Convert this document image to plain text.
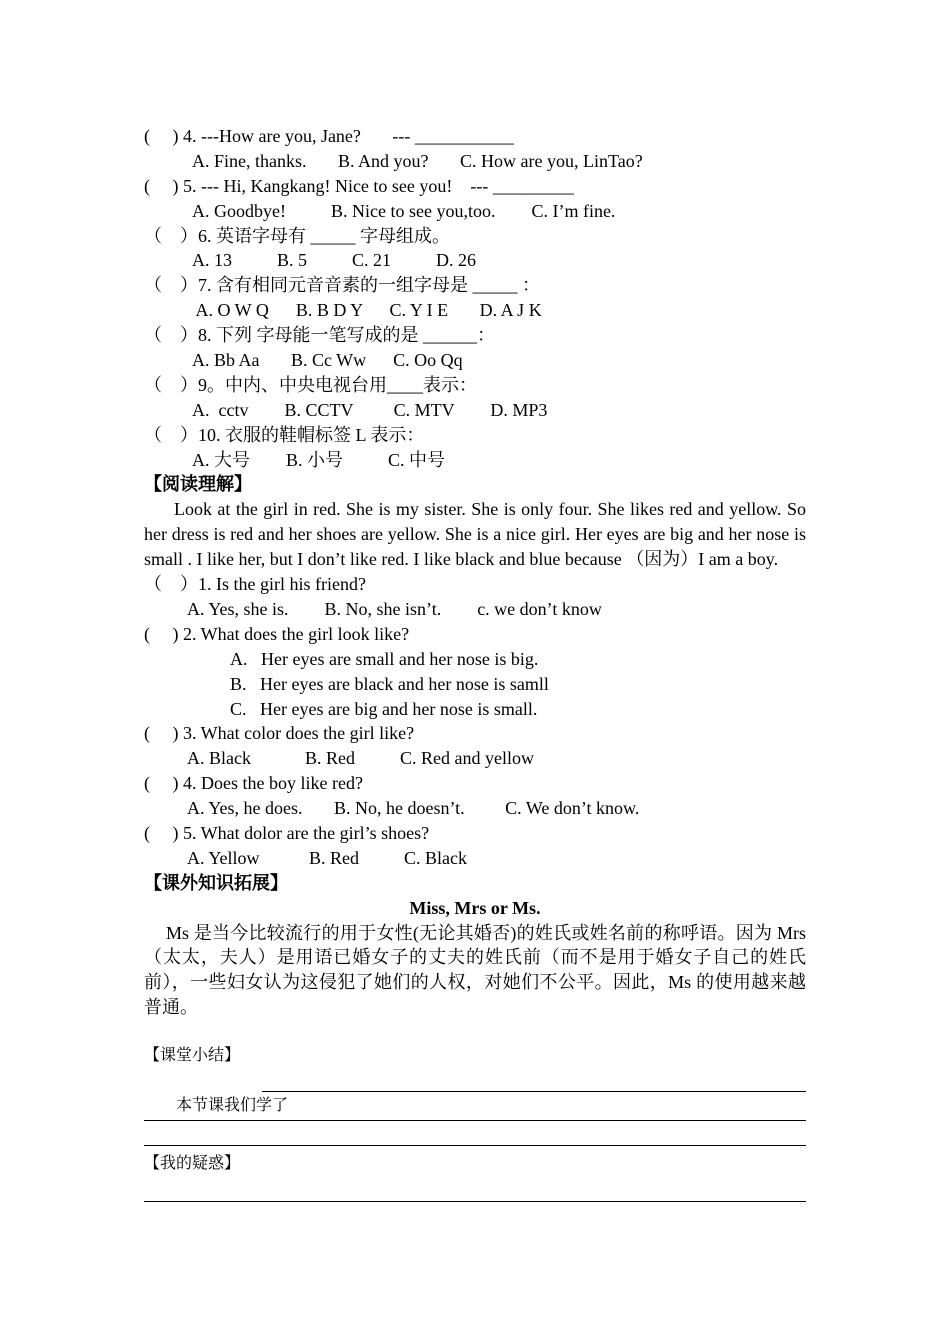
(     ) 4. ---How are you, Jane?       --- ___________
A. Fine, thanks.       B. And you?       C. How are you, LinTao?
(     ) 5. --- Hi, Kangkang! Nice to see you!    --- _________
A. Goodbye!          B. Nice to see you,too.        C. I’m fine.
（    ）6. 英语字母有 _____ 字母组成。
A. 13          B. 5          C. 21          D. 26
（    ）7. 含有相同元音音素的一组字母是 _____ ：
A. O W Q      B. B D Y      C. Y I E       D. A J K
（    ）8. 下列 字母能一笔写成的是 ______：
A. Bb Aa       B. Cc Ww      C. Oo Qq
（    ）9。中内、中央电视台用____表示：
A.  cctv        B. CCTV         C. MTV        D. MP3
（    ）10. 衣服的鞋帽标签 L 表示：
A. 大号        B. 小号          C. 中号
【阅读理解】
Look at the girl in red. She is my sister. She is only four. She likes red and yellow. So her dress is red and her shoes are yellow. She is a nice girl. Her eyes are big and her nose is small . I like her, but I don’t like red. I like black and blue because （因为）I am a boy.
（    ）1. Is the girl his friend?
A. Yes, she is.        B. No, she isn’t.        c. we don’t know
(     ) 2. What does the girl look like?
A.   Her eyes are small and her nose is big.
B.   Her eyes are black and her nose is samll
C.   Her eyes are big and her nose is small.
(     ) 3. What color does the girl like?
A. Black            B. Red          C. Red and yellow
(     ) 4. Does the boy like red?
A. Yes, he does.       B. No, he doesn’t.         C. We don’t know.
(     ) 5. What dolor are the girl’s shoes?
A. Yellow           B. Red          C. Black
【课外知识拓展】
Miss, Mrs or Ms.
Ms 是当今比较流行的用于女性(无论其婚否)的姓氏或姓名前的称呼语。因为 Mrs（太太，夫人）是用语已婚女子的丈夫的姓氏前（而不是用于婚女子自己的姓氏前），一些妇女认为这侵犯了她们的人权，对她们不公平。因此，Ms 的使用越来越普通。
【课堂小结】

本节课我们学了

【我的疑惑】
